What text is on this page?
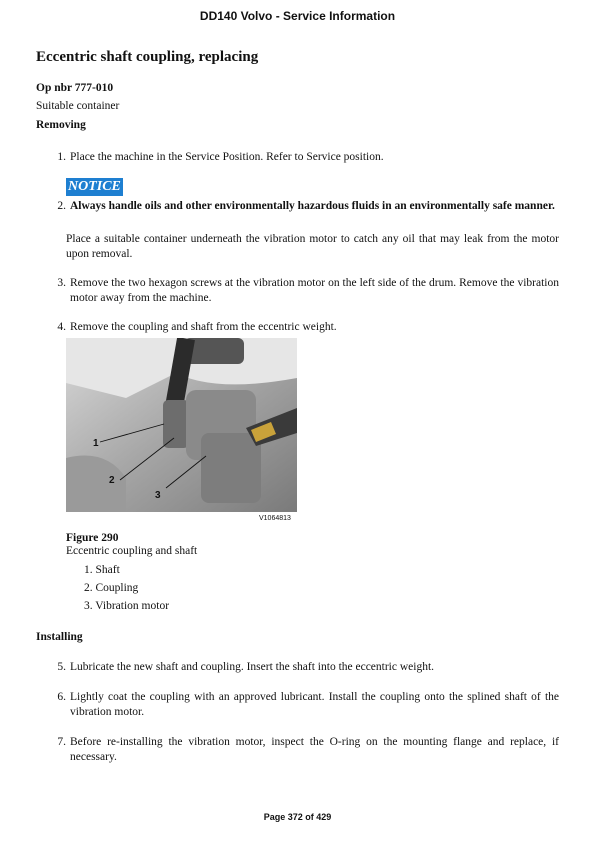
DD140 Volvo - Service Information
Eccentric shaft coupling, replacing
Op nbr 777-010
Suitable container
Removing
1. Place the machine in the Service Position. Refer to Service position.
NOTICE
2. Always handle oils and other environmentally hazardous fluids in an environmentally safe manner.
Place a suitable container underneath the vibration motor to catch any oil that may leak from the motor upon removal.
3. Remove the two hexagon screws at the vibration motor on the left side of the drum. Remove the vibration motor away from the machine.
4. Remove the coupling and shaft from the eccentric weight.
1
2
3
V1064813
Figure 290
Eccentric coupling and shaft
1. Shaft
2. Coupling
3. Vibration motor
Installing
5. Lubricate the new shaft and coupling. Insert the shaft into the eccentric weight.
6. Lightly coat the coupling with an approved lubricant. Install the coupling onto the splined shaft of the vibration motor.
7. Before re-installing the vibration motor, inspect the O-ring on the mounting flange and replace, if necessary.
Page 372 of 429
